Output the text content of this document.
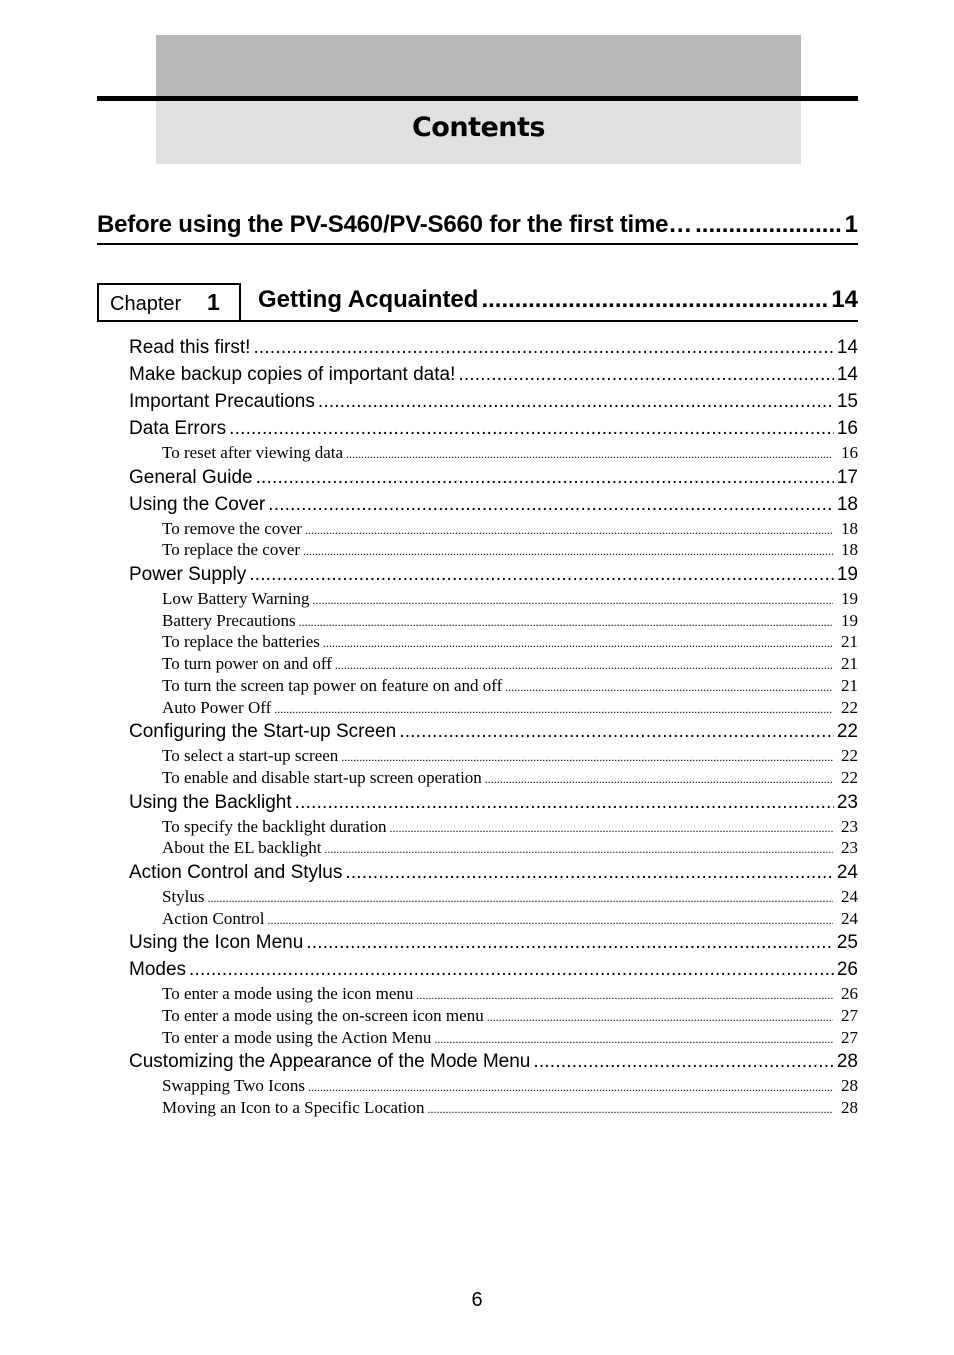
Contents
Before using the PV-S460/PV-S660 for the first time… .....	1
Chapter 1 Getting Acquainted .....	14
Read this first! .....	14
Make backup copies of important data! .....	14
Important Precautions .....	15
Data Errors .....	16
To reset after viewing data .....	16
General Guide .....	17
Using the Cover .....	18
To remove the cover .....	18
To replace the cover .....	18
Power Supply .....	19
Low Battery Warning .....	19
Battery Precautions .....	19
To replace the batteries .....	21
To turn power on and off .....	21
To turn the screen tap power on feature on and off .....	21
Auto Power Off .....	22
Configuring the Start-up Screen .....	22
To select a start-up screen .....	22
To enable and disable start-up screen operation .....	22
Using the Backlight .....	23
To specify the backlight duration .....	23
About the EL backlight .....	23
Action Control and Stylus .....	24
Stylus .....	24
Action Control .....	24
Using the Icon Menu .....	25
Modes .....	26
To enter a mode using the icon menu .....	26
To enter a mode using the on-screen icon menu .....	27
To enter a mode using the Action Menu .....	27
Customizing the Appearance of the Mode Menu .....	28
Swapping Two Icons .....	28
Moving an Icon to a Specific Location .....	28
6
